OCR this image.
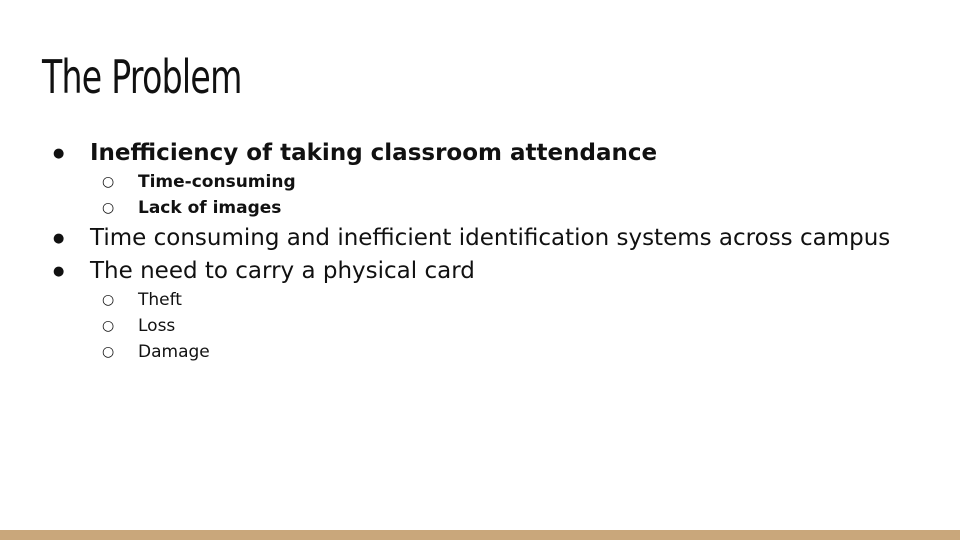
The Problem
●	Inefficiency of taking classroom attendance
○	Time-consuming
○	Lack of images
●	Time consuming and inefficient identification systems across campus
●	The need to carry a physical card
○	Theft
○	Loss
○	Damage
